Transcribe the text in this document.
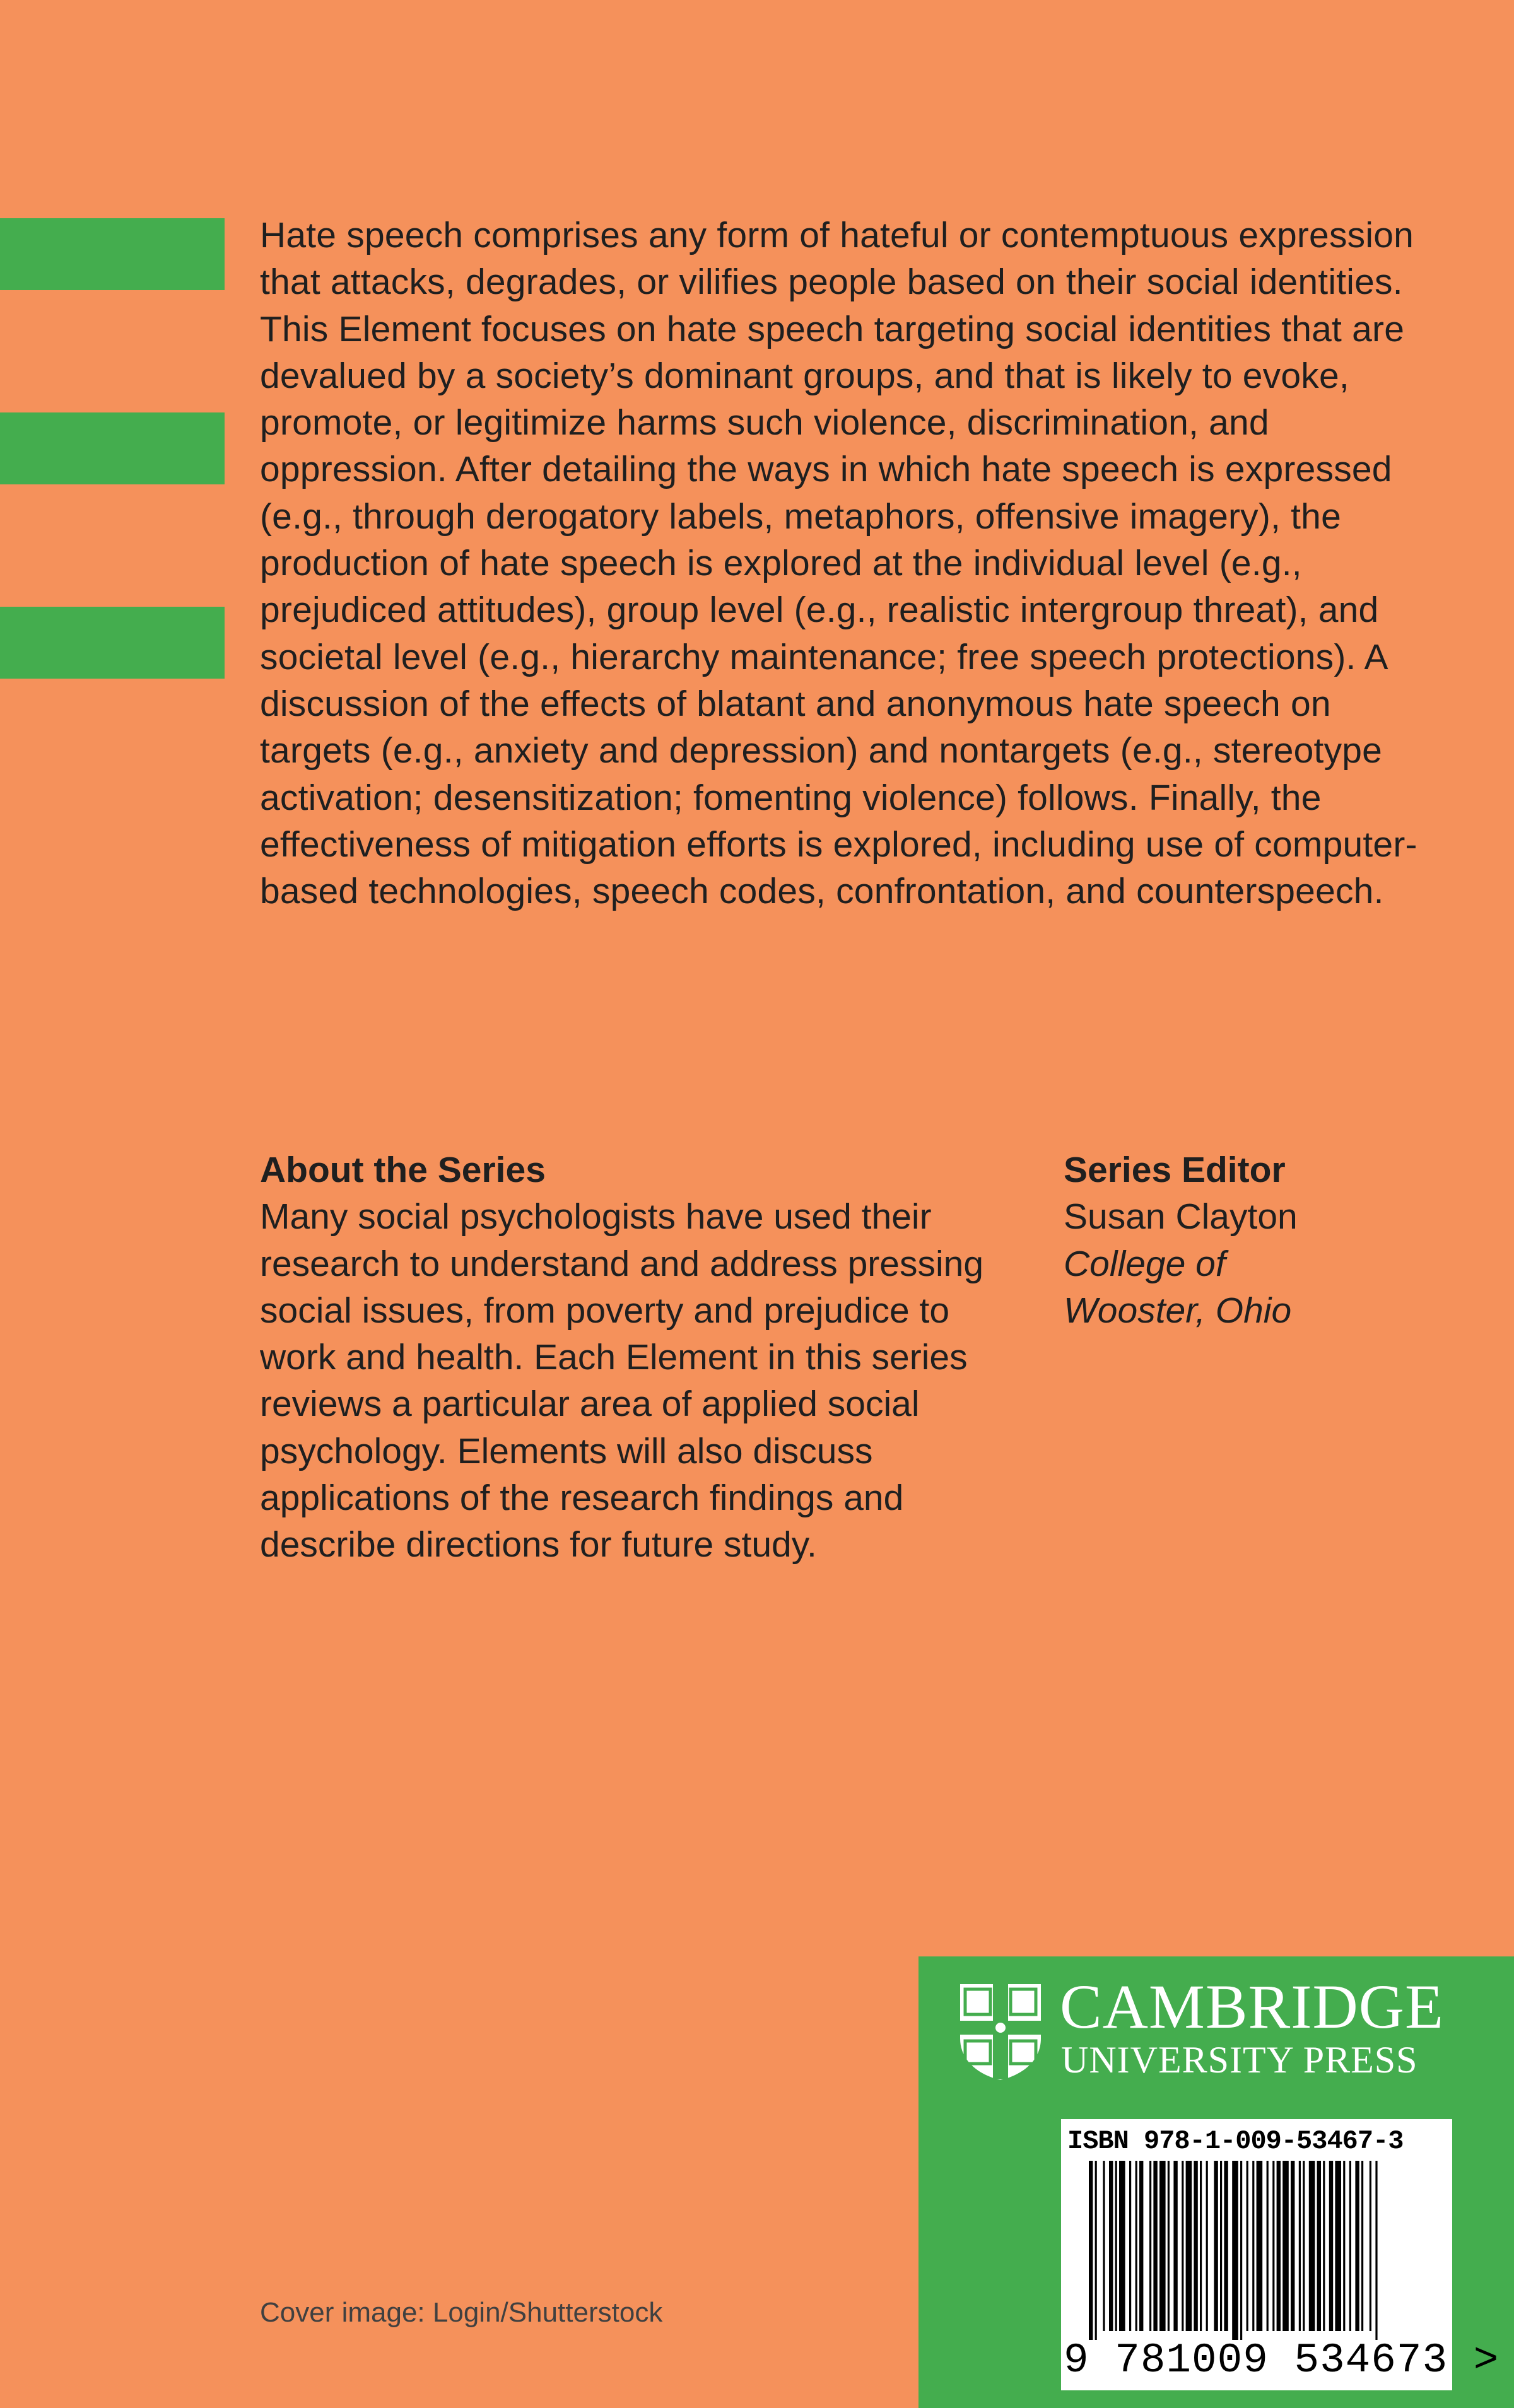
Hate speech comprises any form of hateful or contemptuous expression that attacks, degrades, or vilifies people based on their social identities. This Element focuses on hate speech targeting social identities that are devalued by a society’s dominant groups, and that is likely to evoke, promote, or legitimize harms such violence, discrimination, and oppression. After detailing the ways in which hate speech is expressed (e.g., through derogatory labels, metaphors, offensive imagery), the production of hate speech is explored at the individual level (e.g., prejudiced attitudes), group level (e.g., realistic intergroup threat), and societal level (e.g., hierarchy maintenance; free speech protections). A discussion of the effects of blatant and anonymous hate speech on targets (e.g., anxiety and depression) and nontargets (e.g., stereotype activation; desensitization; fomenting violence) follows. Finally, the effectiveness of mitigation efforts is explored, including use of computer-based technologies, speech codes, confrontation, and counterspeech.

About the Series
Many social psychologists have used their research to understand and address pressing social issues, from poverty and prejudice to work and health. Each Element in this series reviews a particular area of applied social psychology. Elements will also discuss applications of the research findings and describe directions for future study.
Series Editor
Susan Clayton
College of Wooster, Ohio
Cover image: Login/Shutterstock
CAMBRIDGE
UNIVERSITY PRESS
ISBN 978-1-009-53467-3
9 781009 534673 >
